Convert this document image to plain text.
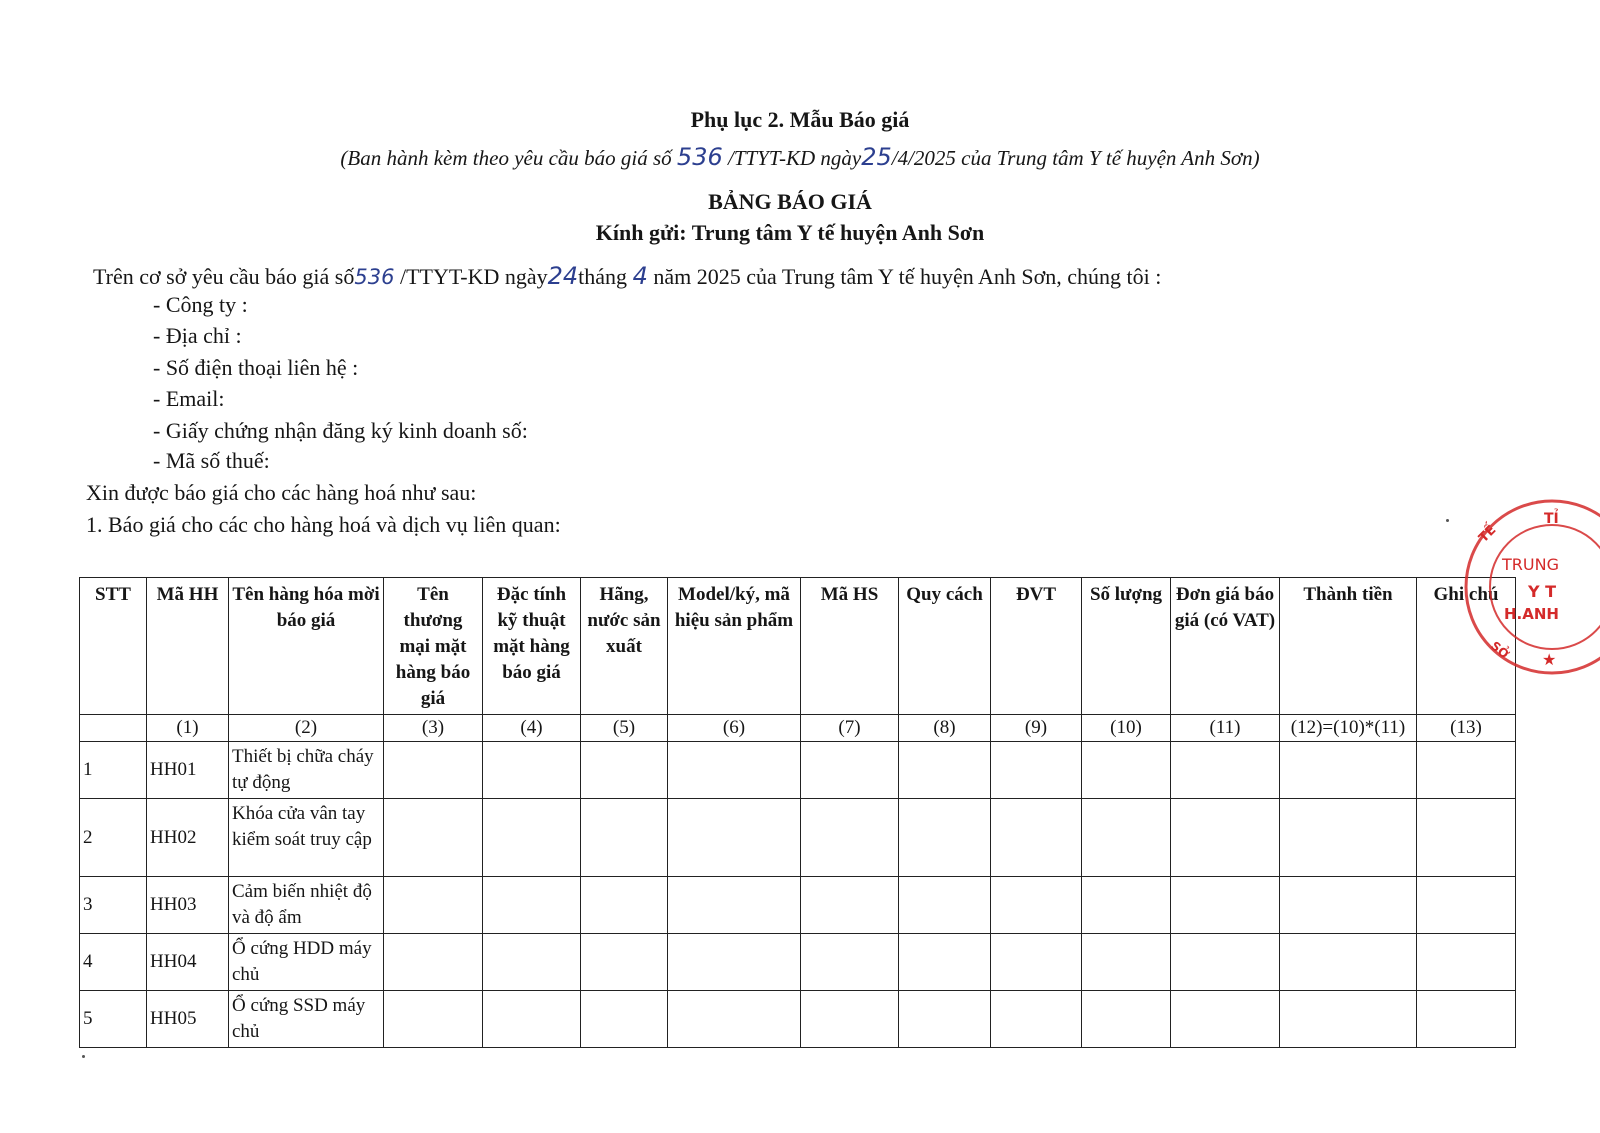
Phụ lục 2. Mẫu Báo giá
(Ban hành kèm theo yêu cầu báo giá số 536 /TTYT-KD ngày25/4/2025 của Trung tâm Y tế huyện Anh Sơn)
BẢNG BÁO GIÁ
Kính gửi: Trung tâm Y tế huyện Anh Sơn
Trên cơ sở yêu cầu báo giá số536 /TTYT-KD ngày24tháng 4 năm 2025 của Trung tâm Y tế huyện Anh Sơn, chúng tôi :
- Công ty :
- Địa chỉ :
- Số điện thoại liên hệ :
- Email:
- Giấy chứng nhận đăng ký kinh doanh số:
- Mã số thuế:
Xin được báo giá cho các hàng hoá như sau:
1. Báo giá cho các cho hàng hoá và dịch vụ liên quan:
STT	Mã HH	Tên hàng hóa mời báo giá	Tên thương mại mặt hàng báo giá	Đặc tính kỹ thuật mặt hàng báo giá	Hãng, nước sản xuất	Model/ký, mã hiệu sản phẩm	Mã HS	Quy cách	ĐVT	Số lượng	Đơn giá báo giá (có VAT)	Thành tiền	Ghi chú
	(1)	(2)	(3)	(4)	(5)	(6)	(7)	(8)	(9)	(10)	(11)	(12)=(10)*(11)	(13)
1	HH01	Thiết bị chữa cháy tự động											
2	HH02	Khóa cửa vân tay kiểm soát truy cập											
3	HH03	Cảm biến nhiệt độ và độ ẩm											
4	HH04	Ổ cứng HDD máy chủ											
5	HH05	Ổ cứng SSD máy chủ											
TỈ
TẾ
TRUNG
Y T
H.ANH
SỞ ★
